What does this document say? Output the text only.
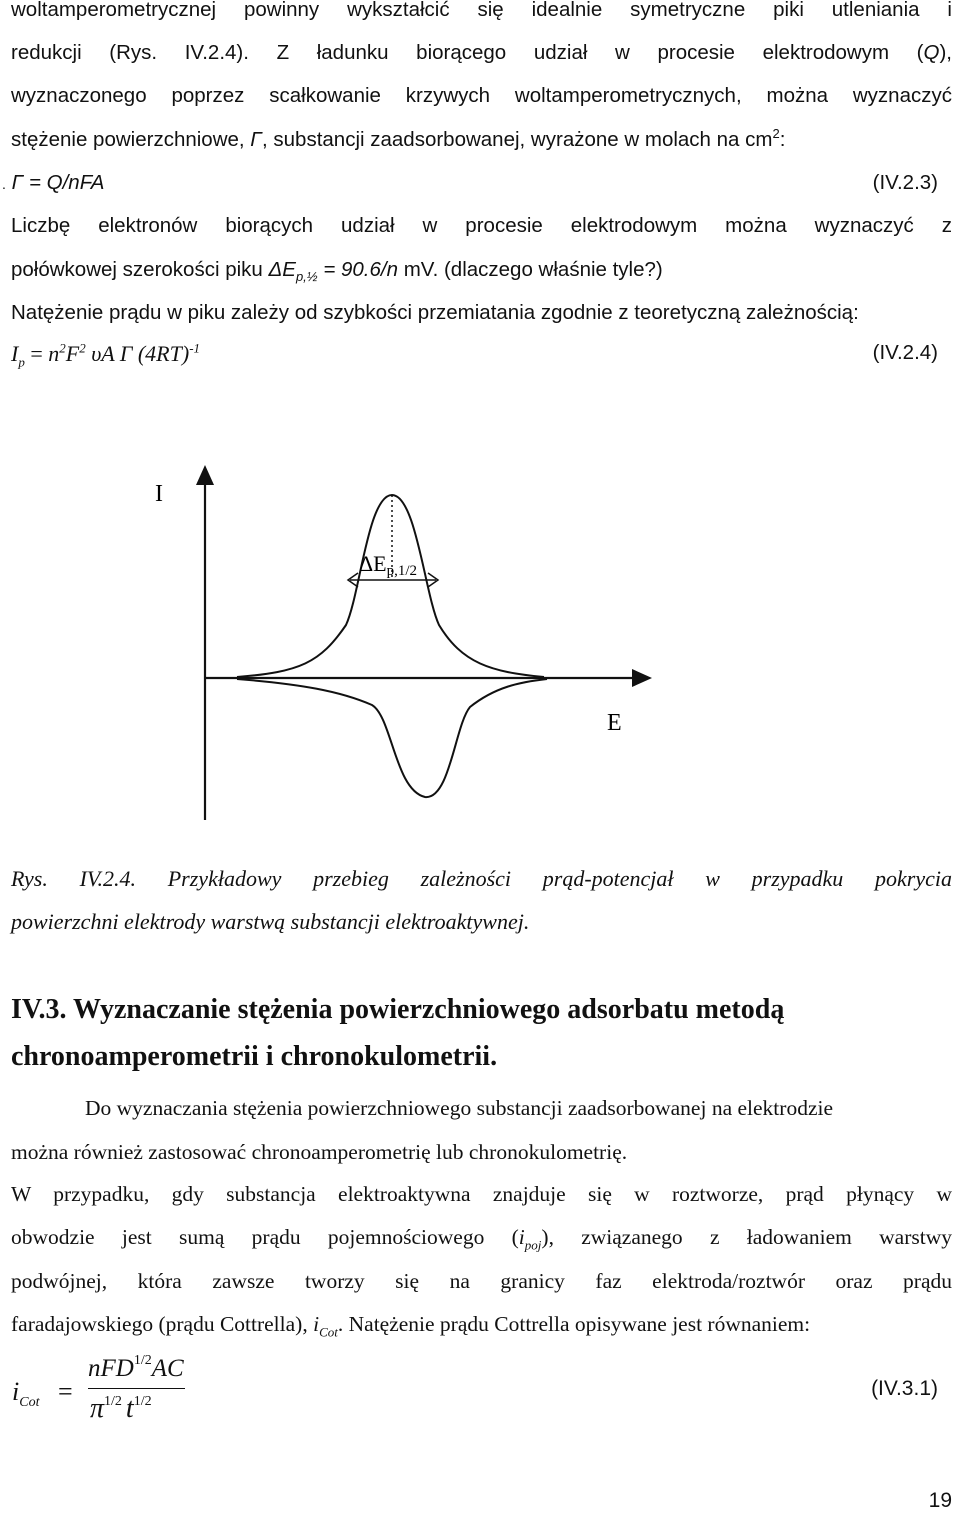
woltamperometrycznej powinny wykształcić się idealnie symetryczne piki utleniania i
redukcji (Rys. IV.2.4). Z ładunku biorącego udział w procesie elektrodowym (Q),
wyznaczonego poprzez scałkowanie krzywych woltamperometrycznych, można wyznaczyć
stężenie powierzchniowe, Γ, substancji zaadsorbowanej, wyrażone w molach na $cm^2$:
. Γ = Q/nFA	(IV.2.3)
Liczbę elektronów biorących udział w procesie elektrodowym można wyznaczyć z
połówkowej szerokości piku $\Delta E_{p,\frac{1}{2}} = 90.6/n$ mV. (dlaczego właśnie tyle?)
Natężenie prądu w piku zależy od szybkości przemiatania zgodnie z teoretyczną zależnością:
$I_p = n^2F^2$ υA Γ $(4RT)^{-1}$	(IV.2.4)
I
E
ΔEp,1/2
Rys. IV.2.4. Przykładowy przebieg zależności prąd-potencjał w przypadku pokrycia
powierzchni elektrody warstwą substancji elektroaktywnej.
IV.3. Wyznaczanie stężenia powierzchniowego adsorbatu metodą
chronoamperometrii i chronokulometrii.
Do wyznaczania stężenia powierzchniowego substancji zaadsorbowanej na elektrodzie
można również zastosować chronoamperometrię lub chronokulometrię.
W przypadku, gdy substancja elektroaktywna znajduje się w roztworze, prąd płynący w
obwodzie jest sumą prądu pojemnościowego $(i_{poj})$, związanego z ładowaniem warstwy
podwójnej, która zawsze tworzy się na granicy faz elektroda/roztwór oraz prądu
faradajowskiego (prądu Cottrella), $i_{Cot}$. Natężenie prądu Cottrella opisywane jest równaniem:
$i_{Cot}$ =
nFD$^{1/2}$AC
$\pi^{1/2}$ $t^{1/2}$
(IV.3.1)
19
